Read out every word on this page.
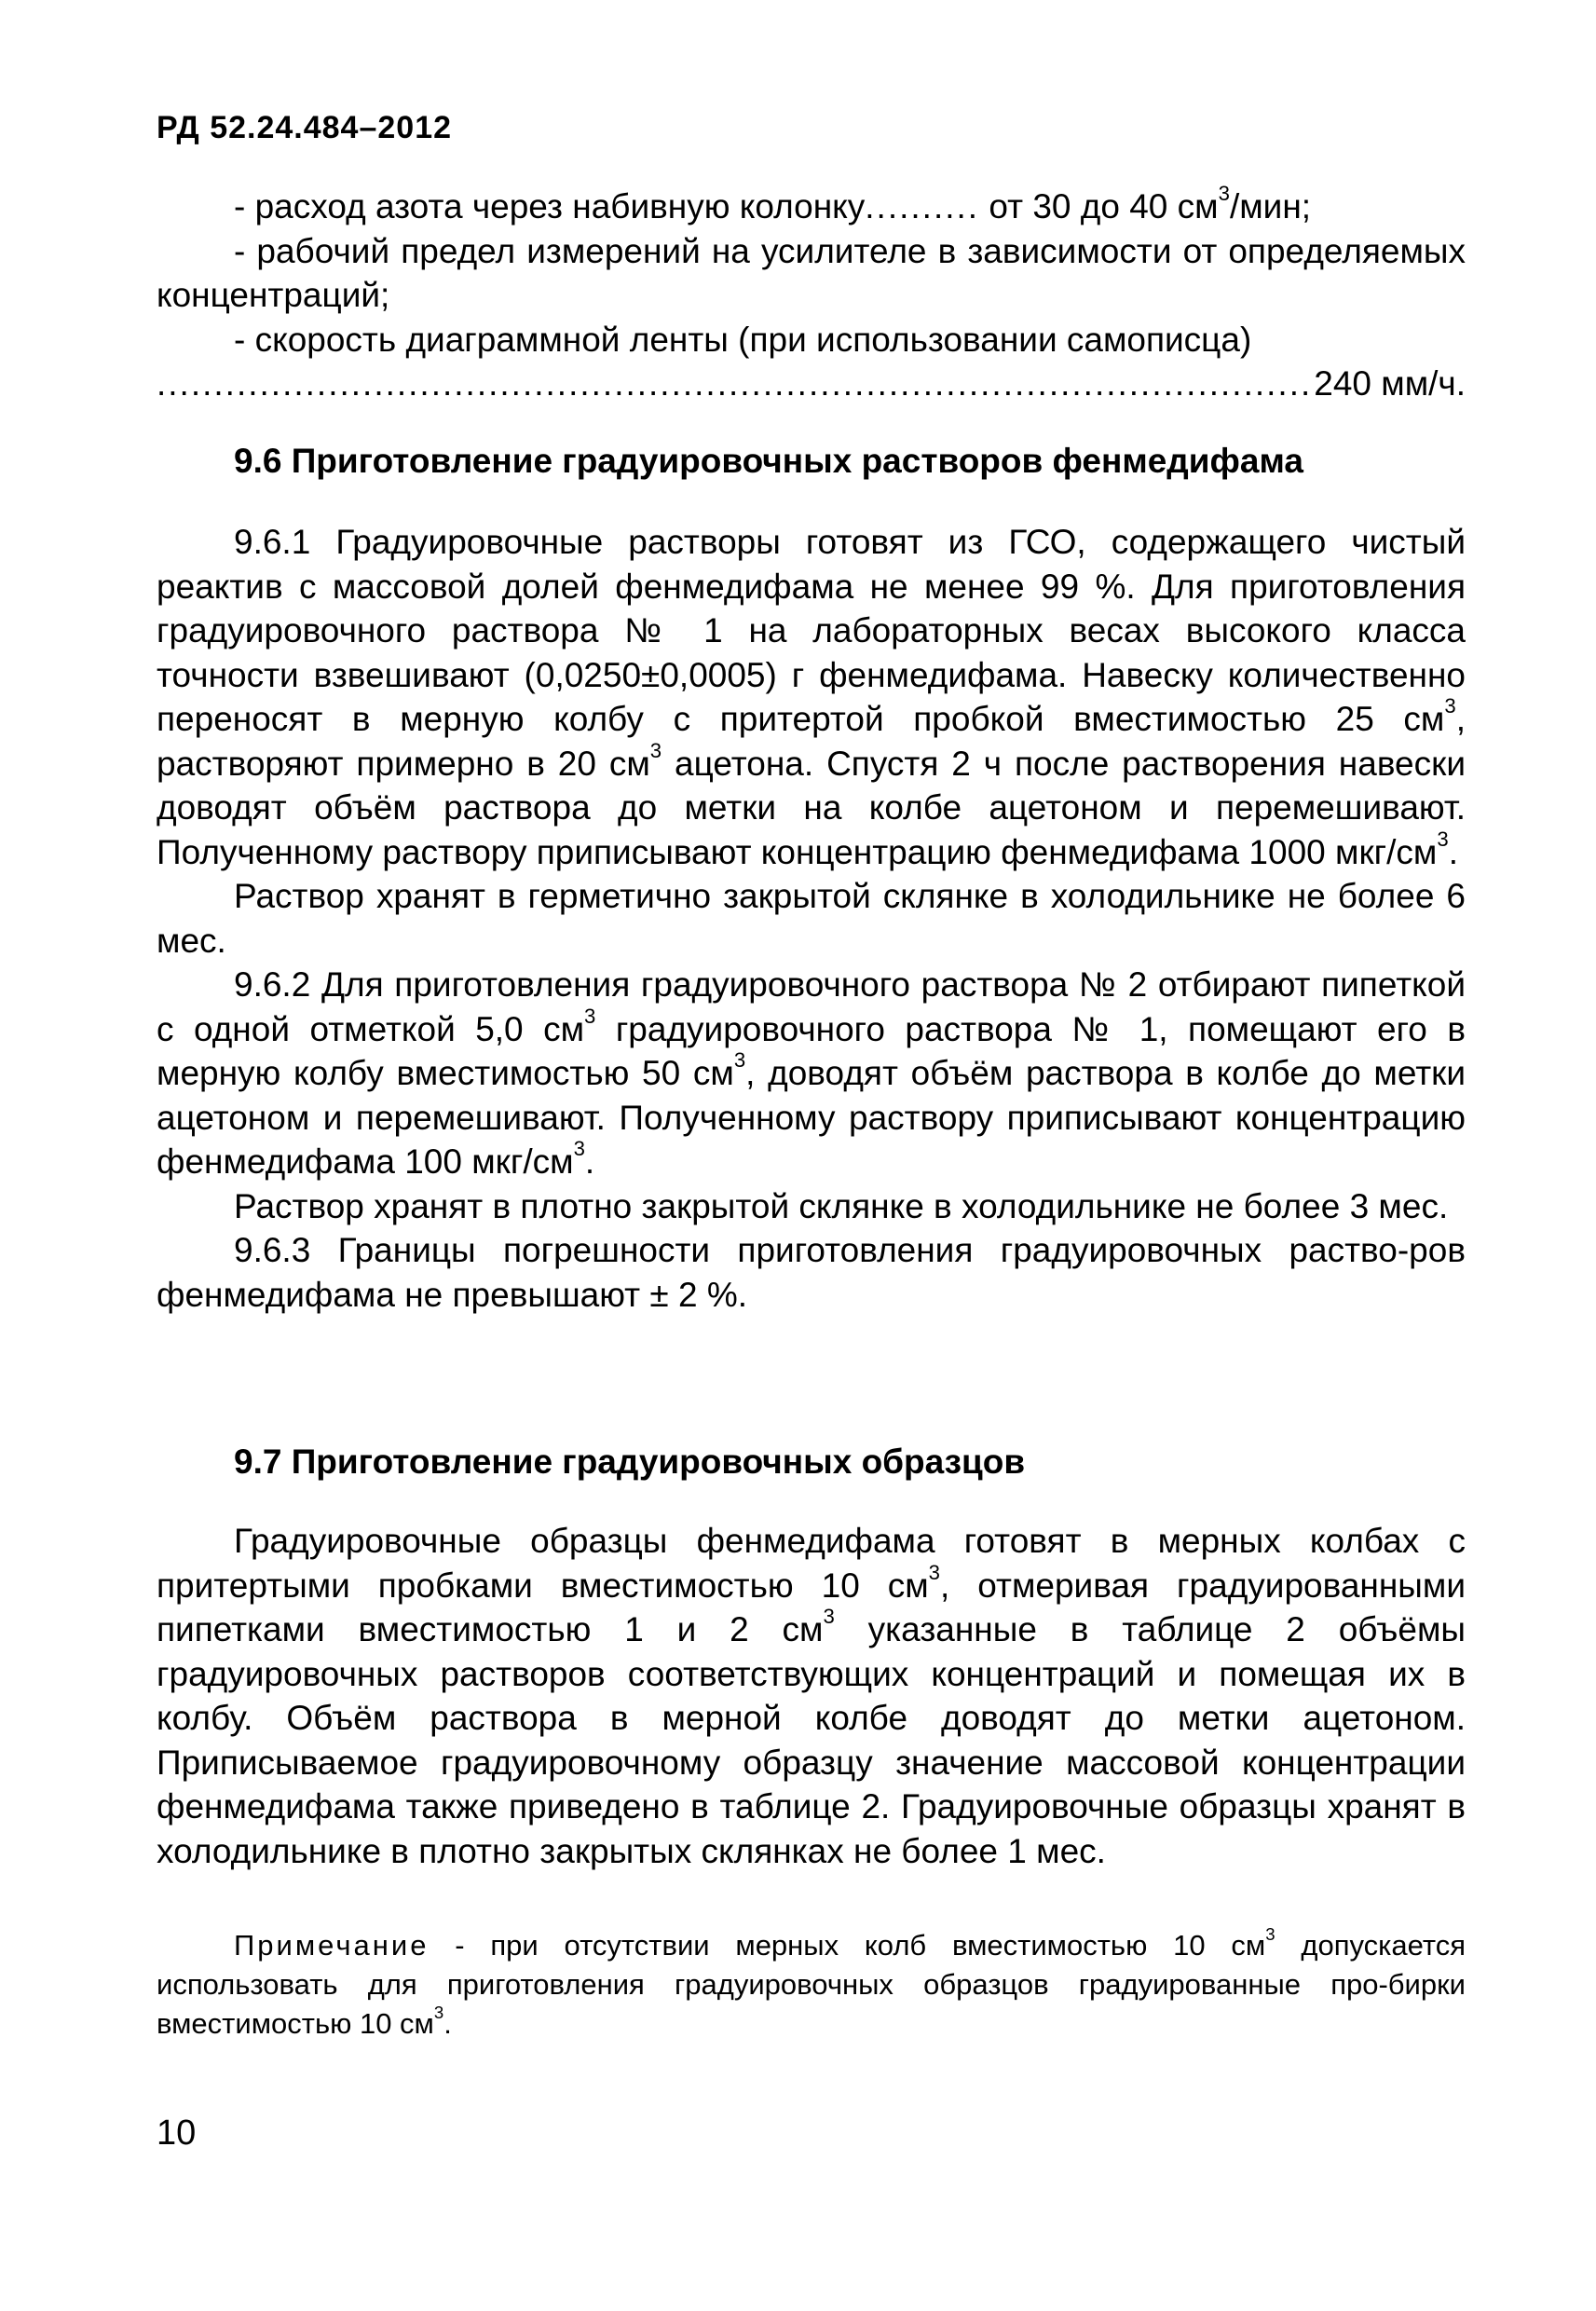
РД 52.24.484–2012

- расход азота через набивную колонку.......... от 30 до 40 $см^3$/мин;

- рабочий предел измерений на усилителе в зависимости от определяемых концентраций;

- скорость диаграммной ленты (при использовании самописца)

.....
240 мм/ч.
9.6 Приготовление градуировочных растворов фенмедифама

9.6.1 Градуировочные растворы готовят из ГСО, содержащего чистый реактив с массовой долей фенмедифама не менее 99 %. Для приготовления градуировочного раствора № 1 на лабораторных весах высокого класса точности взвешивают (0,0250±0,0005) г фенмедифама. Навеску количественно переносят в мерную колбу с притертой пробкой вместимостью 25 $см^3$, растворяют примерно в 20 $см^3$ ацетона. Спустя 2 ч после растворения навески доводят объём раствора до метки на колбе ацетоном и перемешивают. Полученному раствору приписывают концентрацию фенмедифама 1000 мкг/$см^3$.

Раствор хранят в герметично закрытой склянке в холодильнике не более 6 мес.

9.6.2 Для приготовления градуировочного раствора № 2 отбирают пипеткой с одной отметкой 5,0 $см^3$ градуировочного раствора № 1, помещают его в мерную колбу вместимостью 50 $см^3$, доводят объём раствора в колбе до метки ацетоном и перемешивают. Полученному раствору приписывают концентрацию фенмедифама 100 мкг/$см^3$.

Раствор хранят в плотно закрытой склянке в холодильнике не более 3 мес.

9.6.3 Границы погрешности приготовления градуировочных раство-ров фенмедифама не превышают ± 2 %.

9.7 Приготовление градуировочных образцов

Градуировочные образцы фенмедифама готовят в мерных колбах с притертыми пробками вместимостью 10 $см^3$, отмеривая градуированными пипетками вместимостью 1 и 2 $см^3$ указанные в таблице 2 объёмы градуировочных растворов соответствующих концентраций и помещая их в колбу. Объём раствора в мерной колбе доводят до метки ацетоном. Приписываемое градуировочному образцу значение массовой концентрации фенмедифама также приведено в таблице 2. Градуировочные образцы хранят в холодильнике в плотно закрытых склянках не более 1 мес.

Примечание - при отсутствии мерных колб вместимостью 10 $см^3$ допускается использовать для приготовления градуировочных образцов градуированные про-бирки вместимостью 10 $см^3$.

10
